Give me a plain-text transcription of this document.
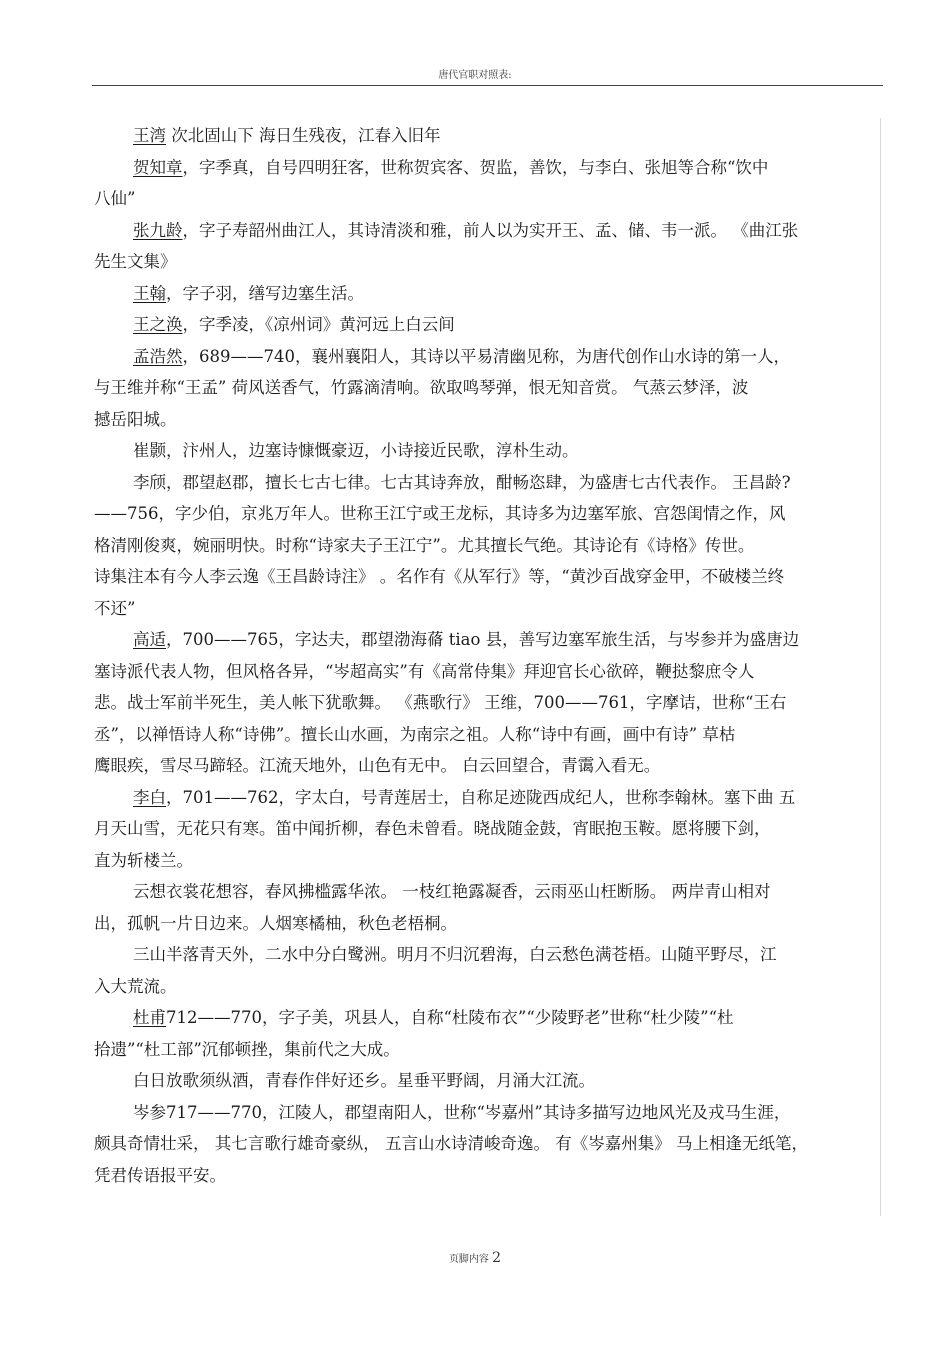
唐代官职对照表:

王湾 次北固山下 海日生残夜，江春入旧年

贺知章，字季真，自号四明狂客，世称贺宾客、贺监，善饮，与李白、张旭等合称“饮中

八仙”

张九龄，字子寿韶州曲江人，其诗清淡和雅，前人以为实开王、孟、储、韦一派。 《曲江张

先生文集》

王翰，字子羽，缮写边塞生活。

王之涣，字季凌，《凉州词》黄河远上白云间

孟浩然，689——740，襄州襄阳人，其诗以平易清幽见称，为唐代创作山水诗的第一人，

与王维并称“王孟” 荷风送香气，竹露滴清响。欲取鸣琴弹，恨无知音赏。 气蒸云梦泽，波

撼岳阳城。

崔颢，汴州人，边塞诗慷慨豪迈，小诗接近民歌，淳朴生动。

李颀，郡望赵郡，擅长七古七律。七古其诗奔放，酣畅恣肆，为盛唐七古代表作。 王昌龄?

——756，字少伯，京兆万年人。世称王江宁或王龙标，其诗多为边塞军旅、宫怨闺情之作，风

格清刚俊爽，婉丽明快。时称“诗家夫子王江宁”。尤其擅长气绝。其诗论有《诗格》传世。

诗集注本有今人李云逸《王昌龄诗注》 。名作有《从军行》等，“黄沙百战穿金甲，不破楼兰终

不还”

高适，700——765，字达夫，郡望渤海蓨 tiao 县，善写边塞军旅生活，与岑参并为盛唐边

塞诗派代表人物，但风格各异，“岑超高实”有《高常侍集》拜迎官长心欲碎，鞭挞黎庶令人

悲。战士军前半死生，美人帐下犹歌舞。 《燕歌行》 王维，700——761，字摩诘，世称“王右

丞”，以禅悟诗人称“诗佛”。擅长山水画，为南宗之祖。人称“诗中有画，画中有诗” 草枯

鹰眼疾，雪尽马蹄轻。江流天地外，山色有无中。 白云回望合，青霭入看无。

李白，701——762，字太白，号青莲居士，自称足迹陇西成纪人，世称李翰林。塞下曲 五

月天山雪，无花只有寒。笛中闻折柳，春色未曾看。晓战随金鼓，宵眠抱玉鞍。愿将腰下剑，

直为斩楼兰。

云想衣裳花想容，春风拂槛露华浓。 一枝红艳露凝香，云雨巫山枉断肠。 两岸青山相对

出，孤帆一片日边来。人烟寒橘柚，秋色老梧桐。

三山半落青天外，二水中分白鹭洲。明月不归沉碧海，白云愁色满苍梧。山随平野尽，江

入大荒流。

杜甫712——770，字子美，巩县人，自称“杜陵布衣”“少陵野老”世称“杜少陵”“杜

拾遗”“杜工部”沉郁顿挫，集前代之大成。

白日放歌须纵酒，青春作伴好还乡。星垂平野阔，月涌大江流。

岑参717——770，江陵人，郡望南阳人，世称“岑嘉州”其诗多描写边地风光及戎马生涯，

颇具奇情壮采， 其七言歌行雄奇豪纵， 五言山水诗清峻奇逸。 有《岑嘉州集》 马上相逢无纸笔，

凭君传语报平安。

页脚内容 2
